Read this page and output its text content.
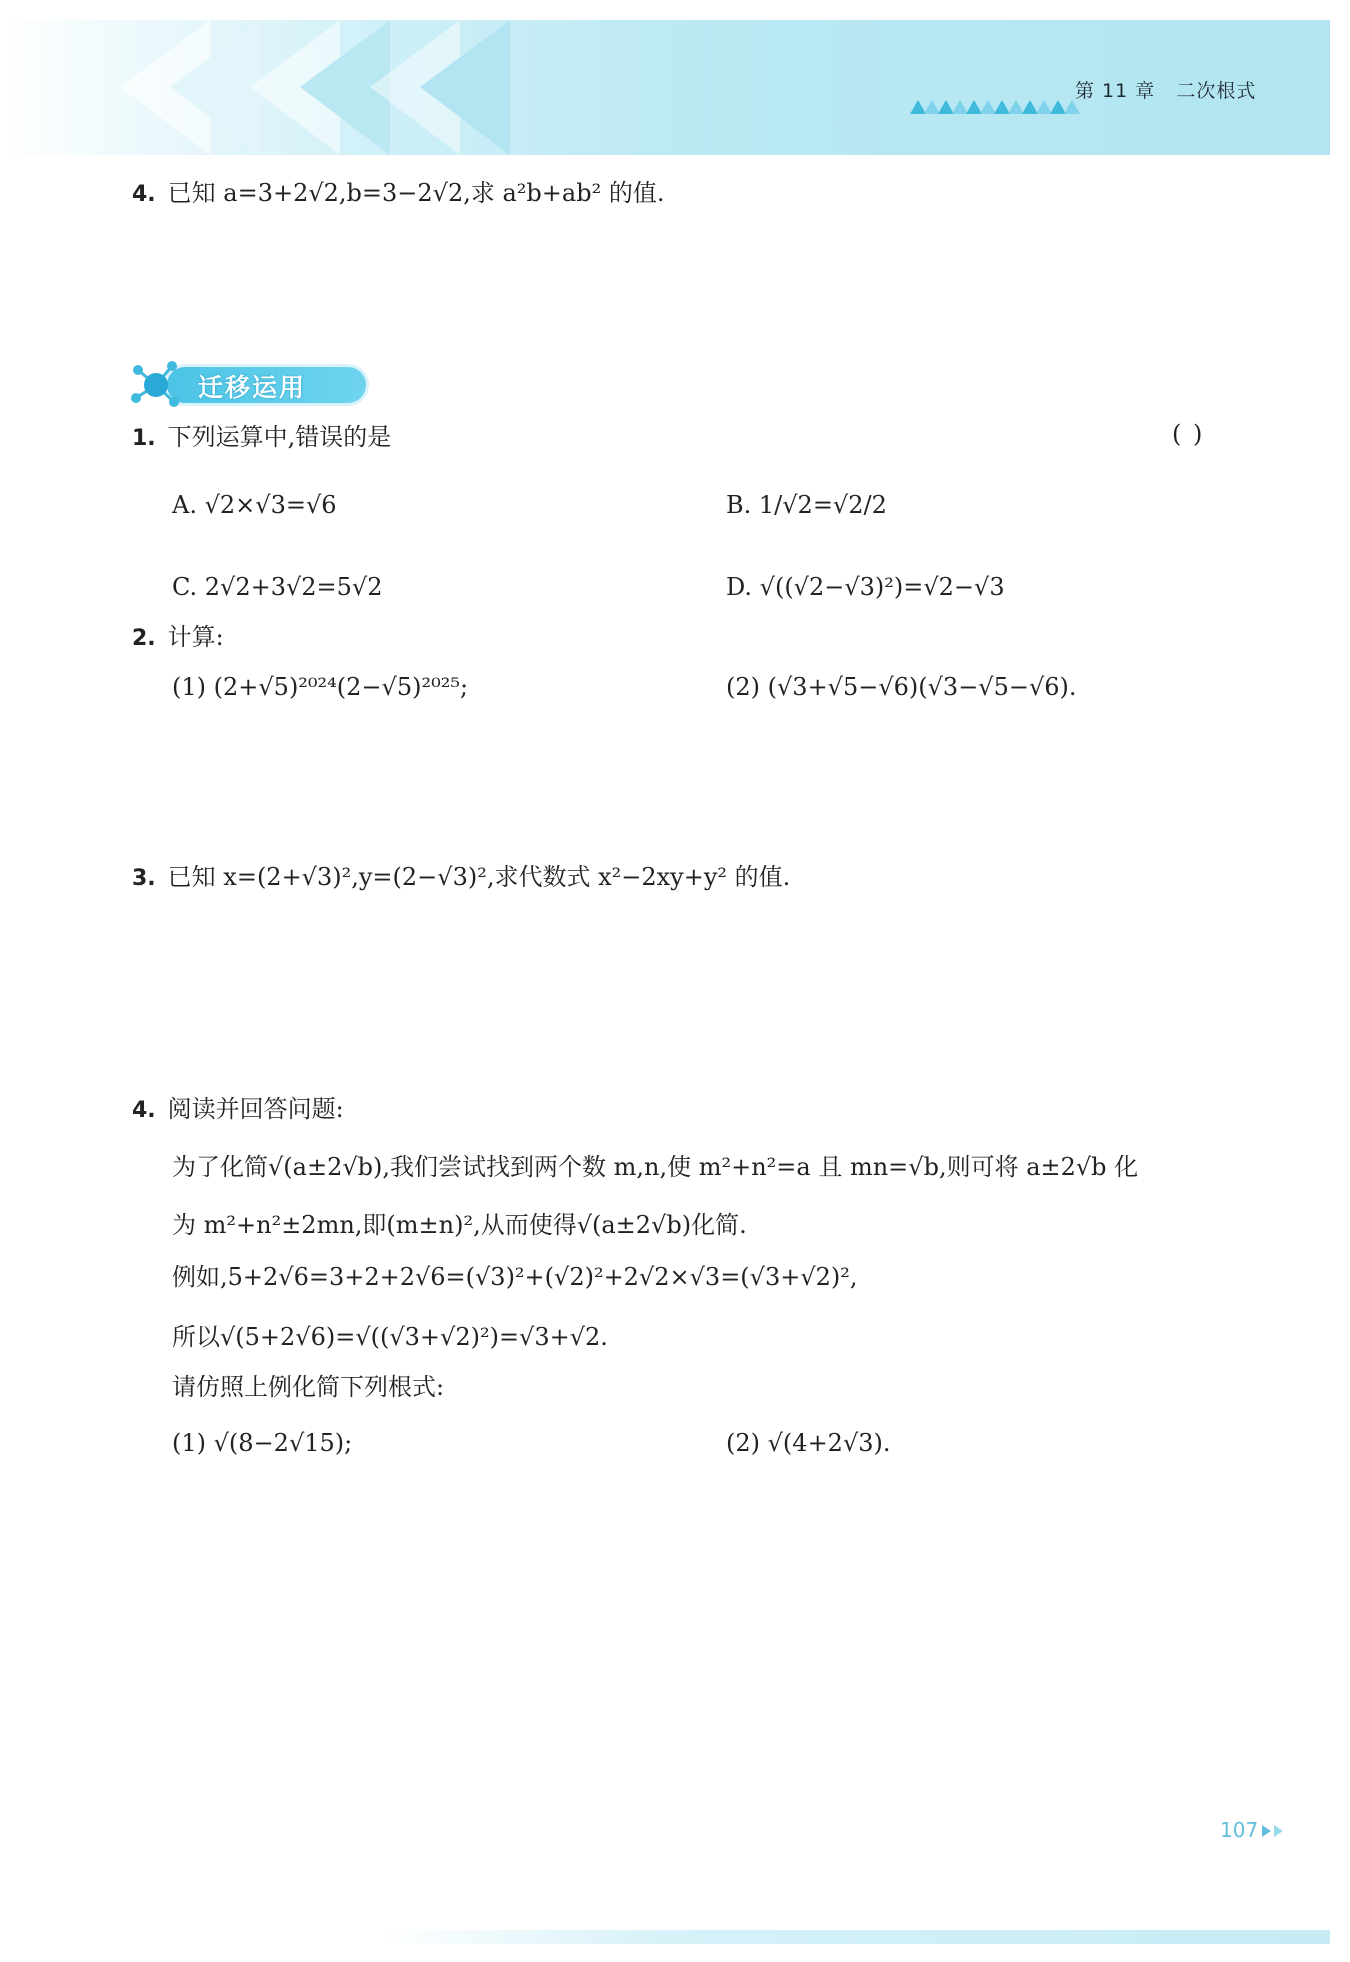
第 11 章 二次根式
4. 已知 a=3+2√2,b=3−2√2,求 a²b+ab² 的值.
迁移运用
1. 下列运算中,错误的是	( )
A. √2×√3=√6	B. 1/√2=√2/2
C. 2√2+3√2=5√2	D. √((√2−√3)²)=√2−√3
2. 计算:
(1) (2+√5)²⁰²⁴(2−√5)²⁰²⁵;	(2) (√3+√5−√6)(√3−√5−√6).
3. 已知 x=(2+√3)²,y=(2−√3)²,求代数式 x²−2xy+y² 的值.
4. 阅读并回答问题:
为了化简√(a±2√b),我们尝试找到两个数 m,n,使 m²+n²=a 且 mn=√b,则可将 a±2√b 化
为 m²+n²±2mn,即(m±n)²,从而使得√(a±2√b)化简.
例如,5+2√6=3+2+2√6=(√3)²+(√2)²+2√2×√3=(√3+√2)²,
所以√(5+2√6)=√((√3+√2)²)=√3+√2.
请仿照上例化简下列根式:
(1) √(8−2√15);	(2) √(4+2√3).
107
